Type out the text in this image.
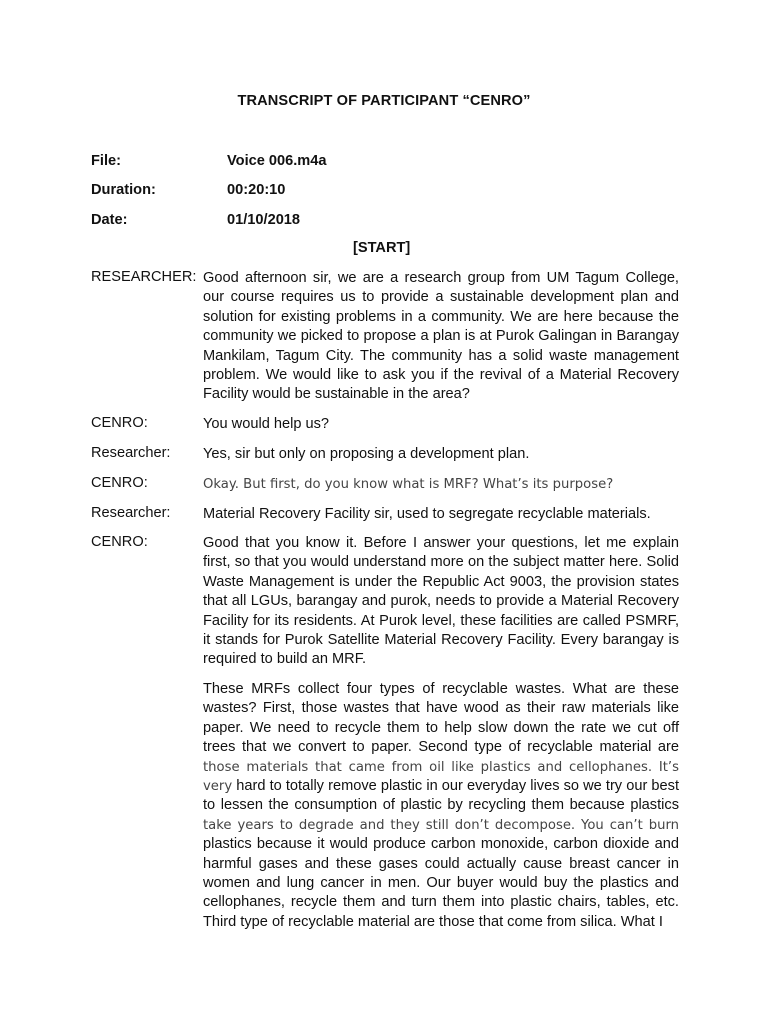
TRANSCRIPT OF PARTICIPANT “CENRO”
File:	Voice 006.m4a
Duration:	00:20:10
Date:	01/10/2018
[START]
RESEARCHER: Good afternoon sir, we are a research group from UM Tagum College, our course requires us to provide a sustainable development plan and solution for existing problems in a community. We are here because the community we picked to propose a plan is at Purok Galingan in Barangay Mankilam, Tagum City. The community has a solid waste management problem. We would like to ask you if the revival of a Material Recovery Facility would be sustainable in the area?
CENRO:	You would help us?
Researcher: Yes, sir but only on proposing a development plan.
CENRO:	Okay. But first, do you know what is MRF? What’s its purpose?
Researcher: Material Recovery Facility sir, used to segregate recyclable materials.
CENRO:	Good that you know it. Before I answer your questions, let me explain first, so that you would understand more on the subject matter here. Solid Waste Management is under the Republic Act 9003, the provision states that all LGUs, barangay and purok, needs to provide a Material Recovery Facility for its residents. At Purok level, these facilities are called PSMRF, it stands for Purok Satellite Material Recovery Facility. Every barangay is required to build an MRF.
These MRFs collect four types of recyclable wastes. What are these wastes? First, those wastes that have wood as their raw materials like paper. We need to recycle them to help slow down the rate we cut off trees that we convert to paper. Second type of recyclable material are those materials that came from oil like plastics and cellophanes. It’s very hard to totally remove plastic in our everyday lives so we try our best to lessen the consumption of plastic by recycling them because plastics take years to degrade and they still don’t decompose. You can’t burn plastics because it would produce carbon monoxide, carbon dioxide and harmful gases and these gases could actually cause breast cancer in women and lung cancer in men. Our buyer would buy the plastics and cellophanes, recycle them and turn them into plastic chairs, tables, etc. Third type of recyclable material are those that come from silica. What I
